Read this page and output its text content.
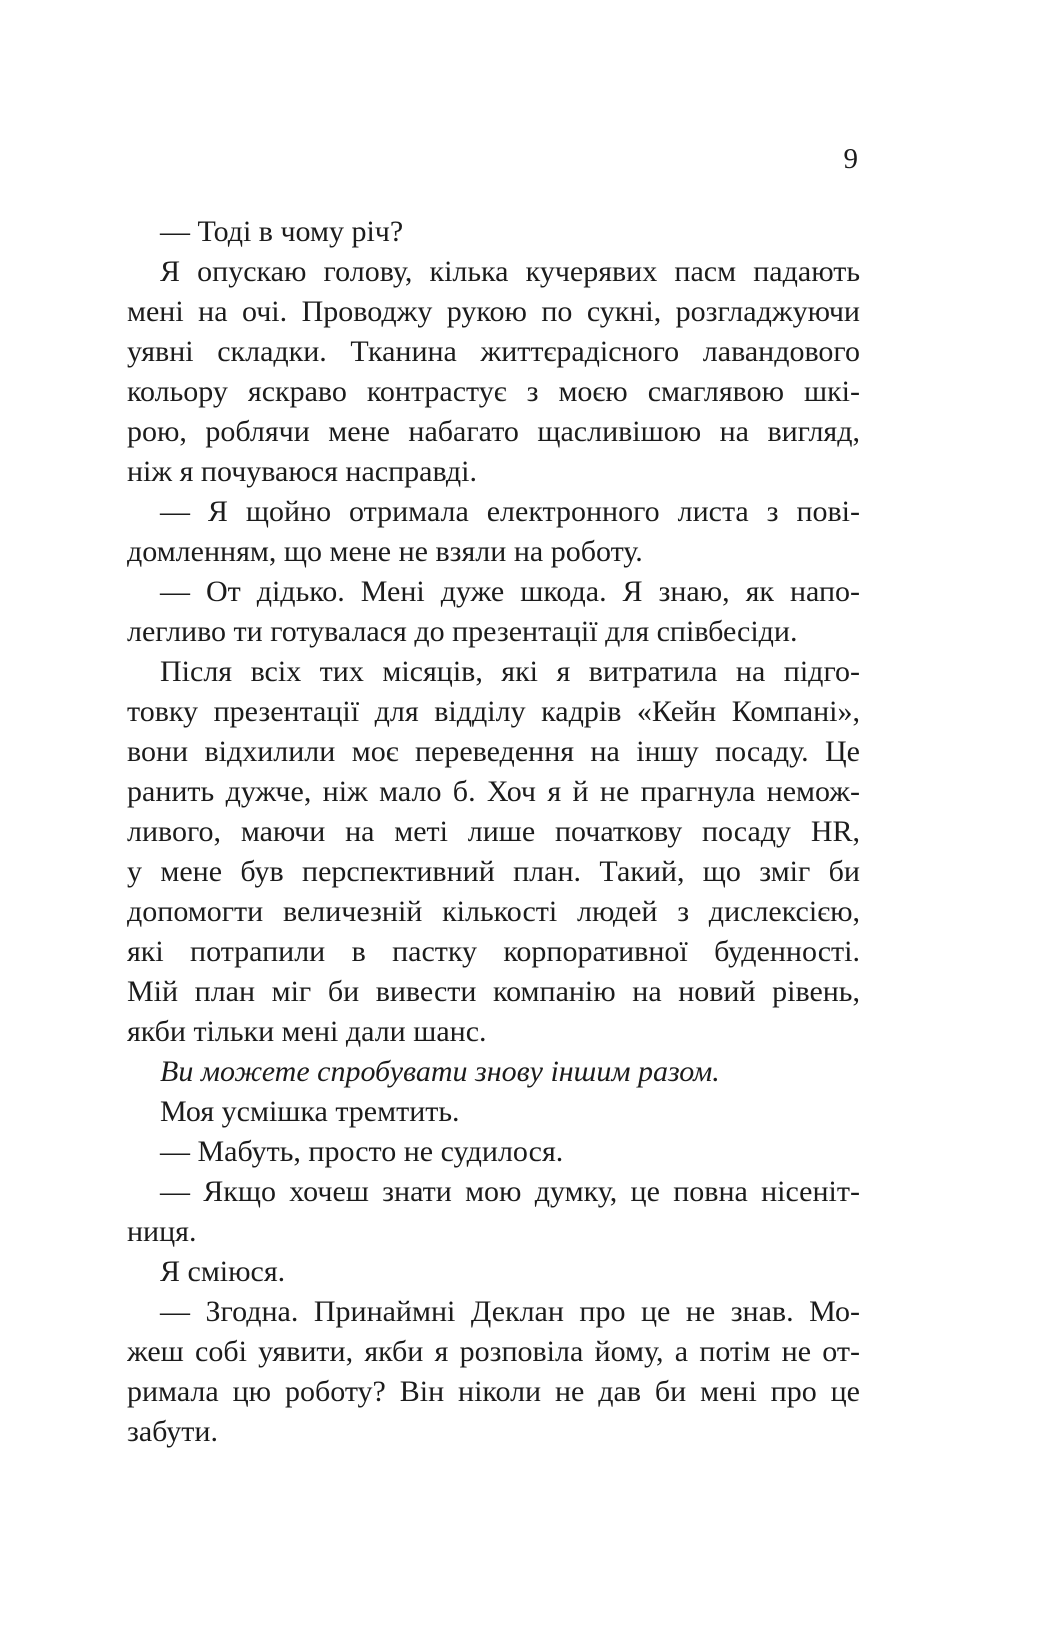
9
— Тоді в чому річ?
Я опускаю голову, кілька кучерявих пасм падають
мені на очі. Проводжу рукою по сукні, розгладжуючи
уявні складки. Тканина життєрадісного лавандового
кольору яскраво контрастує з моєю смаглявою шкі-
рою, роблячи мене набагато щасливішою на вигляд,
ніж я почуваюся насправді.
— Я щойно отримала електронного листа з пові-
домленням, що мене не взяли на роботу.
— От дідько. Мені дуже шкода. Я знаю, як напо-
легливо ти готувалася до презентації для співбесіди.
Після всіх тих місяців, які я витратила на підго-
товку презентації для відділу кадрів «Кейн Компані»,
вони відхилили моє переведення на іншу посаду. Це
ранить дужче, ніж мало б. Хоч я й не прагнула немож-
ливого, маючи на меті лише початкову посаду HR,
у мене був перспективний план. Такий, що зміг би
допомогти величезній кількості людей з дислексією,
які потрапили в пастку корпоративної буденності.
Мій план міг би вивести компанію на новий рівень,
якби тільки мені дали шанс.
Ви можете спробувати знову іншим разом.
Моя усмішка тремтить.
— Мабуть, просто не судилося.
— Якщо хочеш знати мою думку, це повна нісеніт-
ниця.
Я сміюся.
— Згодна. Принаймні Деклан про це не знав. Мо-
жеш собі уявити, якби я розповіла йому, а потім не от-
римала цю роботу? Він ніколи не дав би мені про це
забути.
